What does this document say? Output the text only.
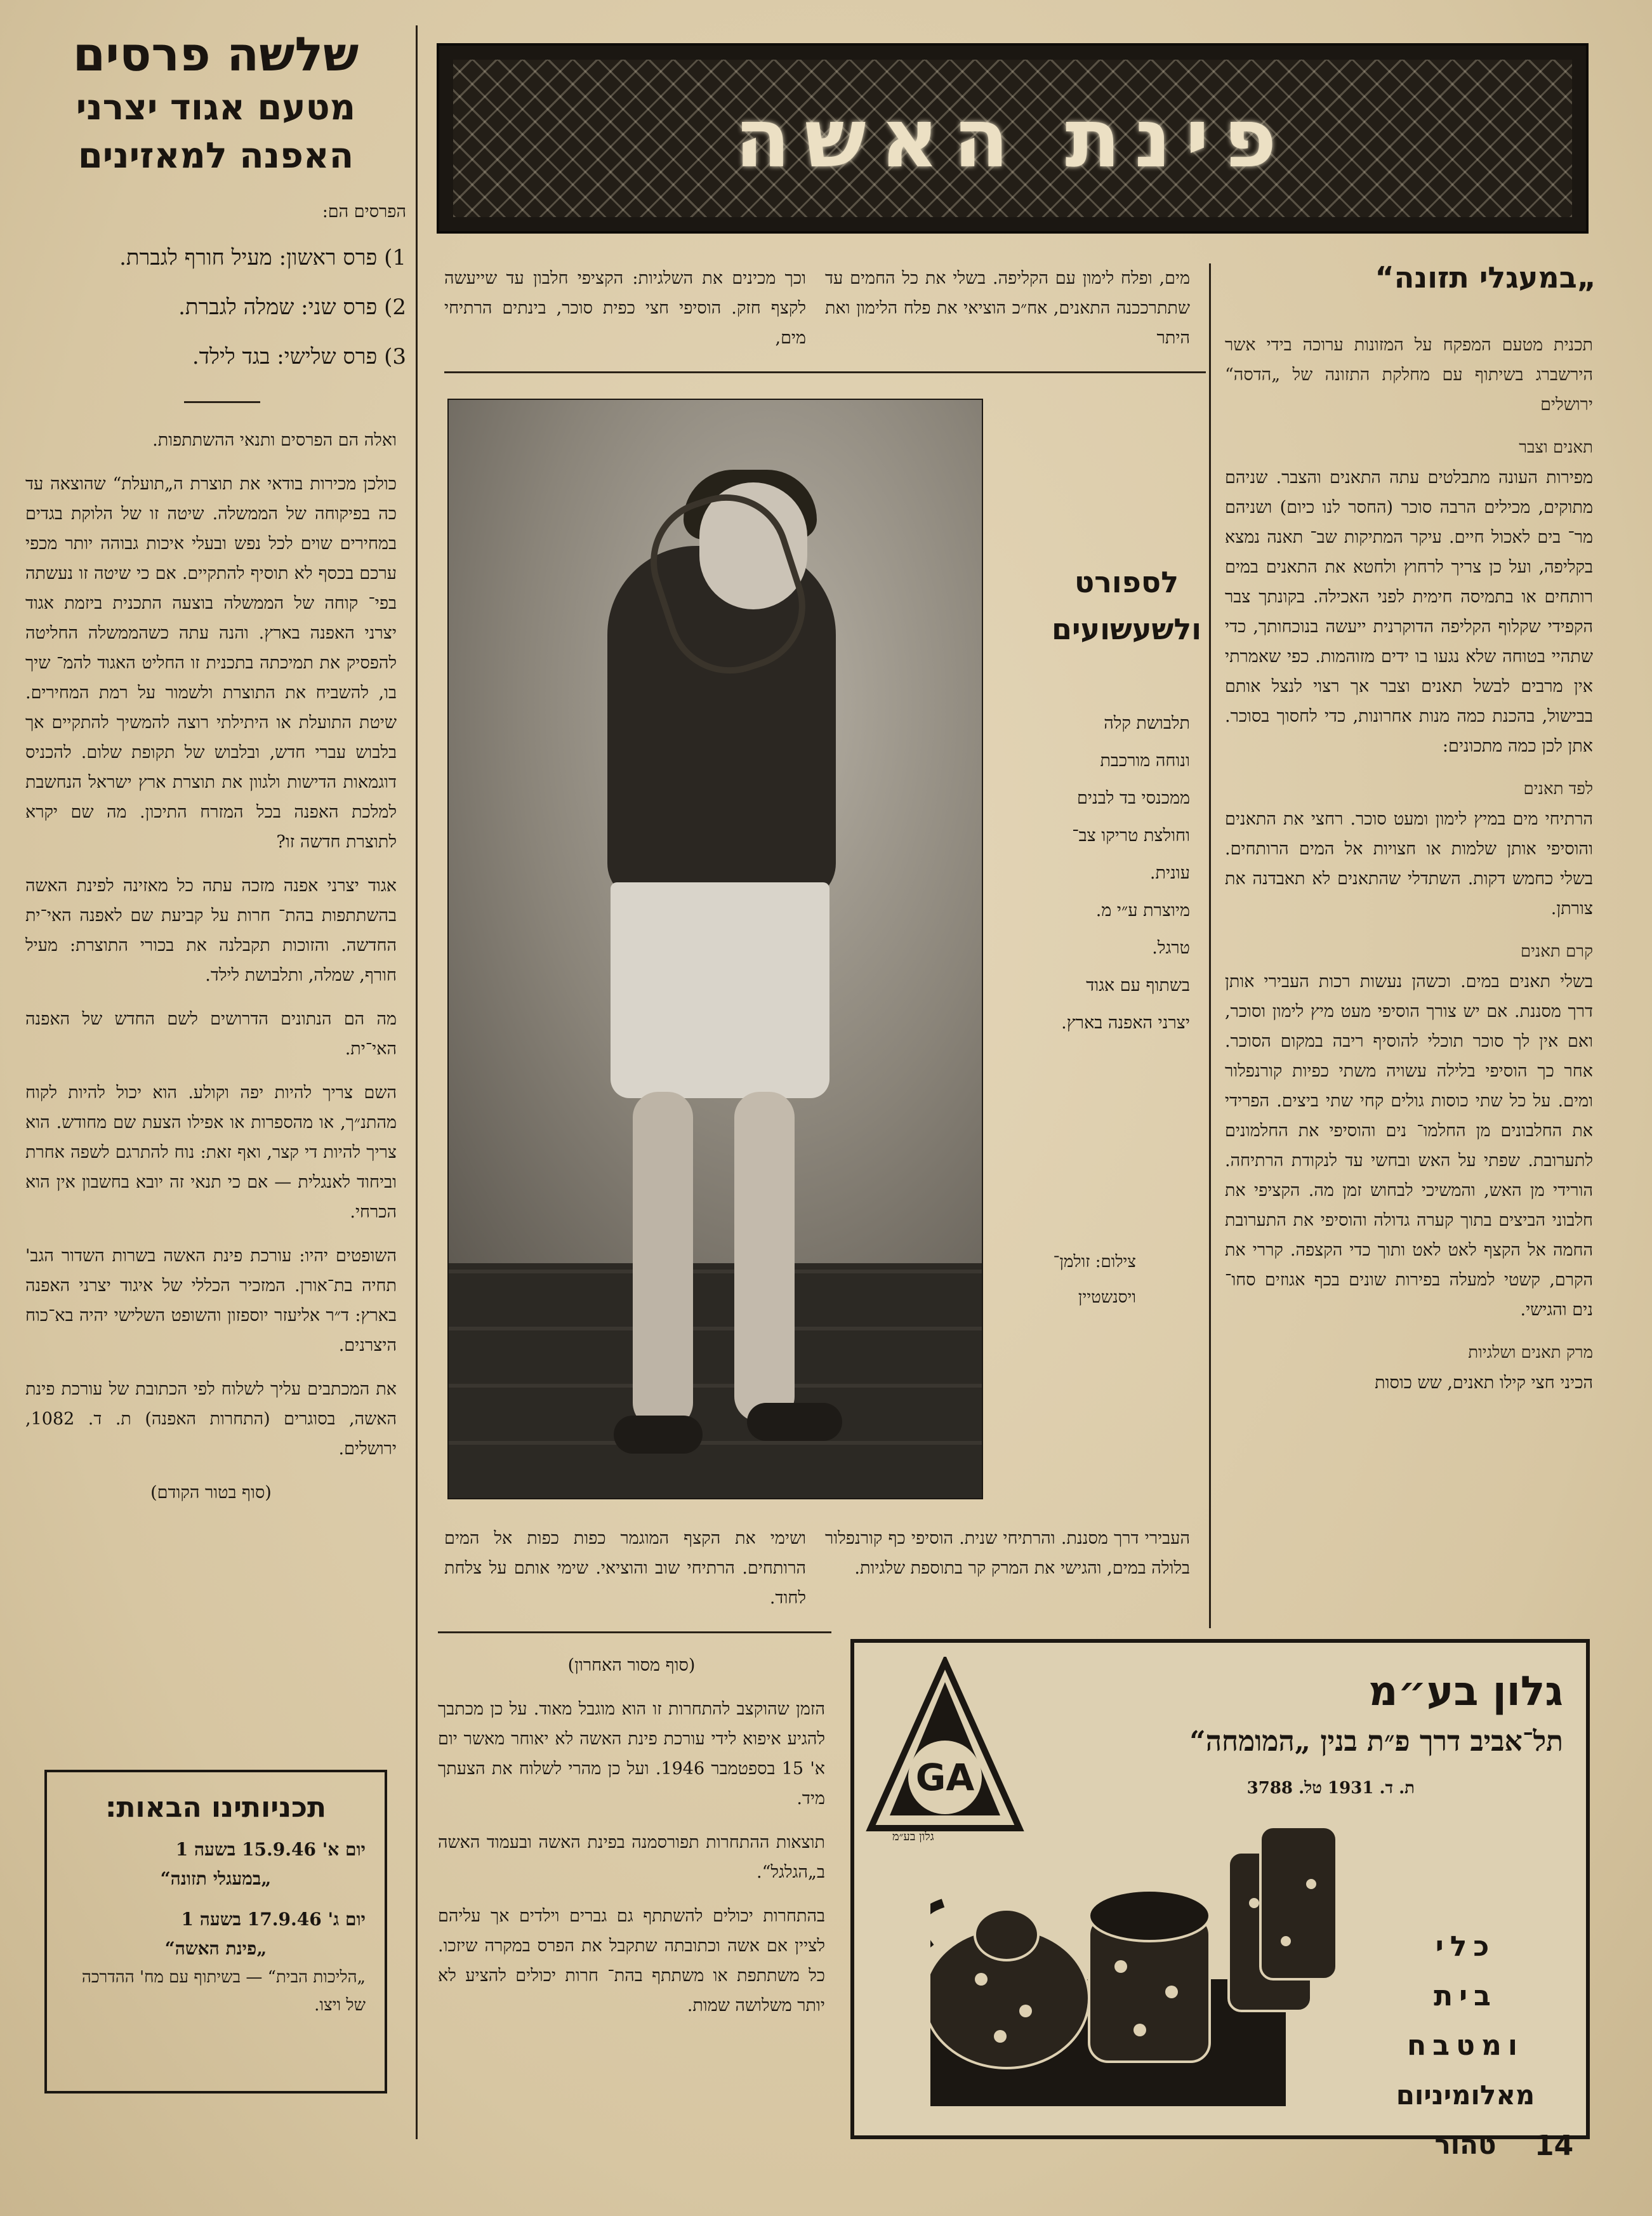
פינת האשה
שלשה פרסים
מטעם אגוד יצרני
האפנה למאזינים
הפרסים הם:
1) פרס ראשון: מעיל חורף לגברת.
2) פרס שני: שמלה לגברת.
3) פרס שלישי: בגד לילד.

ואלה הם הפרסים ותנאי ההשתתפות.

כולכן מכירות בודאי את תוצרת ה„תועלת“ שהוצאה עד כה בפיקוחה של הממשלה. שיטה זו של הלוקת בגדים במחירים שוים לכל נפש ובעלי איכות גבוהה יותר מכפי ערכם בכסף לא תוסיף להתקיים. אם כי שיטה זו נעשתה בפי־ קוחה של הממשלה בוצעה התכנית ביזמת אגוד יצרני האפנה בארץ. והנה עתה כשהממשלה החליטה להפסיק את תמיכתה בתכנית זו החליט האגוד להמ־ שיך בו, להשביח את התוצרת ולשמור על רמת המחירים. שיטת התועלת או היתילתי רוצה להמשיך להתקיים אך בלבוש עברי חדש, ובלבוש של תקופת שלום. להכניס דוגמאות הדישות ולגוון את תוצרת ארץ ישראל הנחשבת למלכת האפנה בכל המזרח התיכון. מה שם יקרא לתוצרת חדשה זו?

אגוד יצרני אפנה מזכה עתה כל מאזינה לפינת האשה בהשתתפות בהת־ חרות על קביעת שם לאפנה האי־ית החדשה. והזוכות תקבלנה את בכורי התוצרת: מעיל חורף, שמלה, ותלבושת לילד.

מה הם הנתונים הדרושים לשם החדש של האפנה האי־ית.

השם צריך להיות יפה וקולע. הוא יכול להיות לקוח מהתנ״ך, או מהספרות או אפילו הצעת שם מחודש. הוא צריך להיות די קצר, ואף זאת: נוח להתרגם לשפה אחרת וביחוד לאנגלית — אם כי תנאי זה יובא בחשבון אין הוא הכרחי.

השופטים יהיו: עורכת פינת האשה בשרות השדור הגב' תחיה בת־אורן. המזכיר הכללי של איגוד יצרני האפנה בארץ: ד״ר אליעזר יוספזון והשופט השלישי יהיה בא־כוח היצרנים.

את המכתבים עליך לשלוח לפי הכתובת של עורכת פינת האשה, בסוגרים (התחרות האפנה) ת. ד. 1082, ירושלים.

(סוף בטור הקודם)

תכניותינו הבאות:
יום א' 15.9.46 בשעה 1
„במעגלי תזונה“
יום ג' 17.9.46 בשעה 1
„פינת האשה“
„הליכות הבית“ — בשיתוף עם מח' ההדרכה של ויצו.

מים, ופלח לימון עם הקליפה. בשלי את כל החמים עד שתתרככנה התאנים, אח״כ הוציאי את פלח הלימון ואת היתר

וכך מכינים את השלגיות: הקציפי חלבון עד שייעשה לקצף חזק. הוסיפי חצי כפית סוכר, בינתים הרתיחי מים,

לספורט
ולשעשועים

תלבושת קלה

ונוחה מורכבת

ממכנסי בד לבנים

וחולצת טריקו צב־

עונית.

מיוצרת ע״י מ.

טרגל.

בשתוף עם אגוד

יצרני האפנה בארץ.

צילום: זולמן־
ויסנשטיין
„במעגלי תזונה“

תכנית מטעם המפקח על המזונות ערוכה בידי אשר הירשברג בשיתוף עם מחלקת התזונה של „הדסה“ ירושלים

תאנים וצבר

מפירות העונה מתבלטים עתה התאנים והצבר. שניהם מתוקים, מכילים הרבה סוכר (החסר לנו כיום) ושניהם מר־ בים לאכול חיים. עיקר המתיקות שב־ תאנה נמצא בקליפה, ועל כן צריך לרחוץ ולחטא את התאנים במים רותחים או בתמיסה חימית לפני האכילה. בקונתך צבר הקפידי שקלוף הקליפה הדוקרנית ייעשה בנוכחותך, כדי שתהיי בטוחה שלא נגעו בו ידים מזוהמות. כפי שאמרתי אין מרבים לבשל תאנים וצבר אך רצוי לנצל אותם בבישול, בהכנת כמה מנות אחרונות, כדי לחסוך בסוכר. אתן לכן כמה מתכונים:

לפד תאנים

הרתיחי מים במיץ לימון ומעט סוכר. רחצי את התאנים והוסיפי אותן שלמות או חצויות אל המים הרותחים. בשלי כחמש דקות. השתדלי שהתאנים לא תאבדנה את צורתן.

קרם תאנים

בשלי תאנים במים. וכשהן נעשות רכות העבירי אותן דרך מסננת. אם יש צורך הוסיפי מעט מיץ לימון וסוכר, ואם אין לך סוכר תוכלי להוסיף ריבה במקום הסוכר. אחר כך הוסיפי בלילה עשויה משתי כפיות קורנפלור ומים. על כל שתי כוסות גולים קחי שתי ביצים. הפרידי את החלבונים מן החלמו־ נים והוסיפי את החלמונים לתערובת. שפתי על האש ובחשי עד לנקודת הרתיחה. הורידי מן האש, והמשיכי לבחוש זמן מה. הקציפי את חלבוני הביצים בתוך קערה גדולה והוסיפי את התערובת החמה אל הקצף לאט לאט ותוך כדי הקצפה. קררי את הקרם, קשטי למעלה בפירות שונים בכף אגוזים סחו־ נים והגישי.

מרק תאנים ושלגיות

הכיני חצי קילו תאנים, שש כוסות

העבירי דרך מסננת. והרתיחי שנית. הוסיפי כף קורנפלור בלולה במים, והגישי את המרק קר בתוספת שלגיות.

ושימי את הקצף המוגמר כפות כפות אל המים הרותחים. הרתיחי שוב והוציאי. שימי אותם על צלחת לחוד.

(סוף מסור האחרון)

הזמן שהוקצב להתחרות זו הוא מוגבל מאוד. על כן מכתבך להגיע איפוא לידי עורכת פינת האשה לא יאוחר מאשר יום א' 15 בספטמבר 1946. ועל כן מהרי לשלוח את הצעתך מיד.

תוצאות ההתחרות תפורסמנה בפינת האשה ובעמוד האשה ב„הגלגל“.

בהתחרות יכולים להשתתף גם גברים וילדים אך עליהם לציין אם אשה וכתובתה שתקבל את הפרס במקרה שיזכו. כל משתתפת או משתתף בהת־ חרות יכולים להציע לא יותר משלושה שמות.

GA
גלון בע״מ
גלון בע״מ
תל־אביב דרך פ״ת בנין „המומחה“
ת. ד. 1931 טל. 3788
כלי
בית
ומטבח
מאלומיניום טהור	14
